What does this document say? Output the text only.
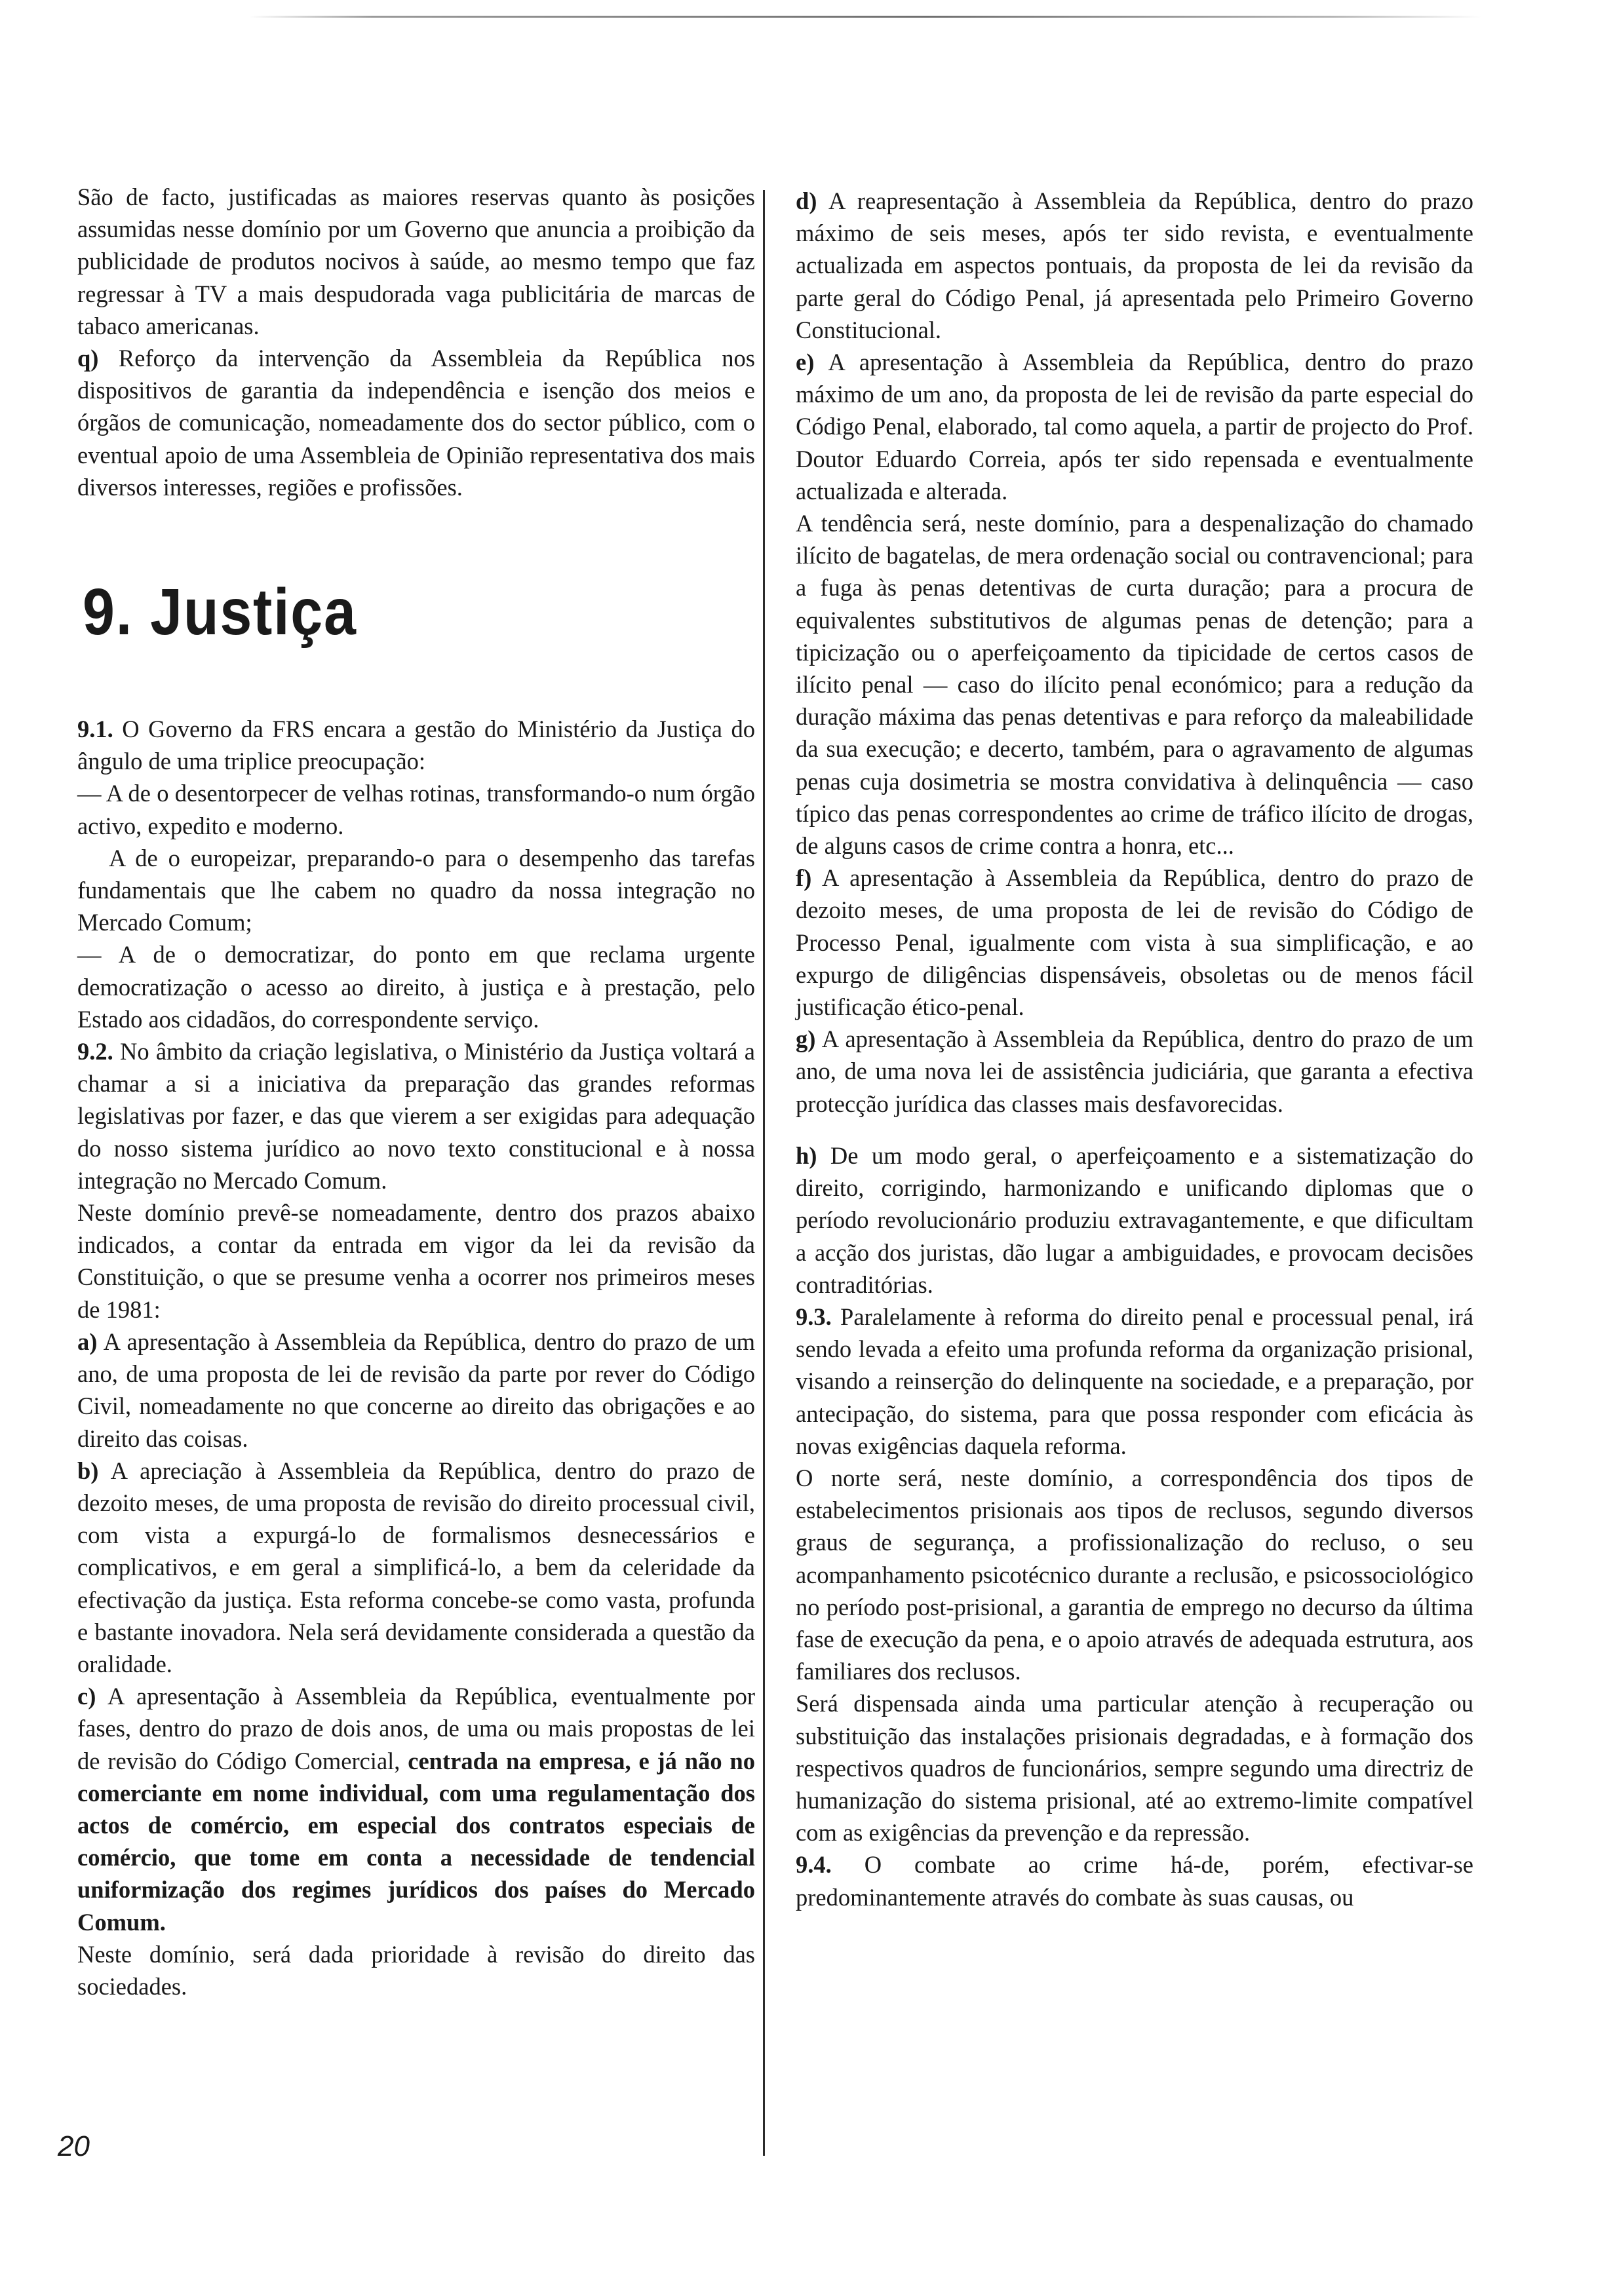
São de facto, justificadas as maiores reservas quanto às posições assumidas nesse domínio por um Governo que anuncia a proibição da publicidade de produtos nocivos à saúde, ao mesmo tempo que faz regressar à TV a mais despudorada vaga publicitária de marcas de tabaco americanas.

q) Reforço da intervenção da Assembleia da República nos dispositivos de garantia da independência e isenção dos meios e órgãos de comunicação, nomeadamente dos do sector público, com o eventual apoio de uma Assembleia de Opinião representativa dos mais diversos interesses, regiões e profissões.

9. Justiça

9.1. O Governo da FRS encara a gestão do Ministério da Justiça do ângulo de uma triplice preocupação:

— A de o desentorpecer de velhas rotinas, transformando-o num órgão activo, expedito e moderno.

A de o europeizar, preparando-o para o desempenho das tarefas fundamentais que lhe cabem no quadro da nossa integração no Mercado Comum;

— A de o democratizar, do ponto em que reclama urgente democratização o acesso ao direito, à justiça e à prestação, pelo Estado aos cidadãos, do correspondente serviço.

9.2. No âmbito da criação legislativa, o Ministério da Justiça voltará a chamar a si a iniciativa da preparação das grandes reformas legislativas por fazer, e das que vierem a ser exigidas para adequação do nosso sistema jurídico ao novo texto constitucional e à nossa integração no Mercado Comum.

Neste domínio prevê-se nomeadamente, dentro dos prazos abaixo indicados, a contar da entrada em vigor da lei da revisão da Constituição, o que se presume venha a ocorrer nos primeiros meses de 1981:

a) A apresentação à Assembleia da República, dentro do prazo de um ano, de uma proposta de lei de revisão da parte por rever do Código Civil, nomeadamente no que concerne ao direito das obrigações e ao direito das coisas.

b) A apreciação à Assembleia da República, dentro do prazo de dezoito meses, de uma proposta de revisão do direito processual civil, com vista a expurgá-lo de formalismos desnecessários e complicativos, e em geral a simplificá-lo, a bem da celeridade da efectivação da justiça. Esta reforma concebe-se como vasta, profunda e bastante inovadora. Nela será devidamente considerada a questão da oralidade.

c) A apresentação à Assembleia da República, eventualmente por fases, dentro do prazo de dois anos, de uma ou mais propostas de lei de revisão do Código Comercial, centrada na empresa, e já não no comerciante em nome individual, com uma regulamentação dos actos de comércio, em especial dos contratos especiais de comércio, que tome em conta a necessidade de tendencial uniformização dos regimes jurídicos dos países do Mercado Comum.

Neste domínio, será dada prioridade à revisão do direito das sociedades.

d) A reapresentação à Assembleia da República, dentro do prazo máximo de seis meses, após ter sido revista, e eventualmente actualizada em aspectos pontuais, da proposta de lei da revisão da parte geral do Código Penal, já apresentada pelo Primeiro Governo Constitucional.

e) A apresentação à Assembleia da República, dentro do prazo máximo de um ano, da proposta de lei de revisão da parte especial do Código Penal, elaborado, tal como aquela, a partir de projecto do Prof. Doutor Eduardo Correia, após ter sido repensada e eventualmente actualizada e alterada.

A tendência será, neste domínio, para a despenalização do chamado ilícito de bagatelas, de mera ordenação social ou contravencional; para a fuga às penas detentivas de curta duração; para a procura de equivalentes substitutivos de algumas penas de detenção; para a tipicização ou o aperfeiçoamento da tipicidade de certos casos de ilícito penal — caso do ilícito penal económico; para a redução da duração máxima das penas detentivas e para reforço da maleabilidade da sua execução; e decerto, também, para o agravamento de algumas penas cuja dosimetria se mostra convidativa à delinquência — caso típico das penas correspondentes ao crime de tráfico ilícito de drogas, de alguns casos de crime contra a honra, etc...

f) A apresentação à Assembleia da República, dentro do prazo de dezoito meses, de uma proposta de lei de revisão do Código de Processo Penal, igualmente com vista à sua simplificação, e ao expurgo de diligências dispensáveis, obsoletas ou de menos fácil justificação ético-penal.

g) A apresentação à Assembleia da República, dentro do prazo de um ano, de uma nova lei de assistência judiciária, que garanta a efectiva protecção jurídica das classes mais desfavorecidas.

h) De um modo geral, o aperfeiçoamento e a sistematização do direito, corrigindo, harmonizando e unificando diplomas que o período revolucionário produziu extravagantemente, e que dificultam a acção dos juristas, dão lugar a ambiguidades, e provocam decisões contraditórias.

9.3. Paralelamente à reforma do direito penal e processual penal, irá sendo levada a efeito uma profunda reforma da organização prisional, visando a reinserção do delinquente na sociedade, e a preparação, por antecipação, do sistema, para que possa responder com eficácia às novas exigências daquela reforma.

O norte será, neste domínio, a correspondência dos tipos de estabelecimentos prisionais aos tipos de reclusos, segundo diversos graus de segurança, a profissionalização do recluso, o seu acompanhamento psicotécnico durante a reclusão, e psicossociológico no período post-prisional, a garantia de emprego no decurso da última fase de execução da pena, e o apoio através de adequada estrutura, aos familiares dos reclusos.

Será dispensada ainda uma particular atenção à recuperação ou substituição das instalações prisionais degradadas, e à formação dos respectivos quadros de funcionários, sempre segundo uma directriz de humanização do sistema prisional, até ao extremo-limite compatível com as exigências da prevenção e da repressão.

9.4. O combate ao crime há-de, porém, efectivar-se predominantemente através do combate às suas causas, ou

20
